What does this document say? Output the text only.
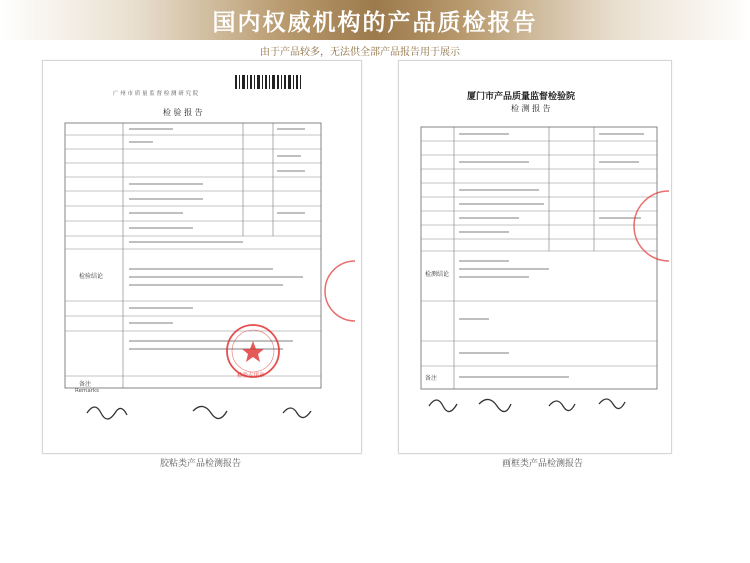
国内权威机构的产品质检报告
由于产品较多，无法供全部产品报告用于展示
广 州 市 质 量 监 督 检 测 研 究 院
检 验 报 告
检验结论
备注
Remarks
检验专用章
厦门市产品质量监督检验院
检 测 报 告
检测结论
备注
胶粘类产品检测报告	画框类产品检测报告
